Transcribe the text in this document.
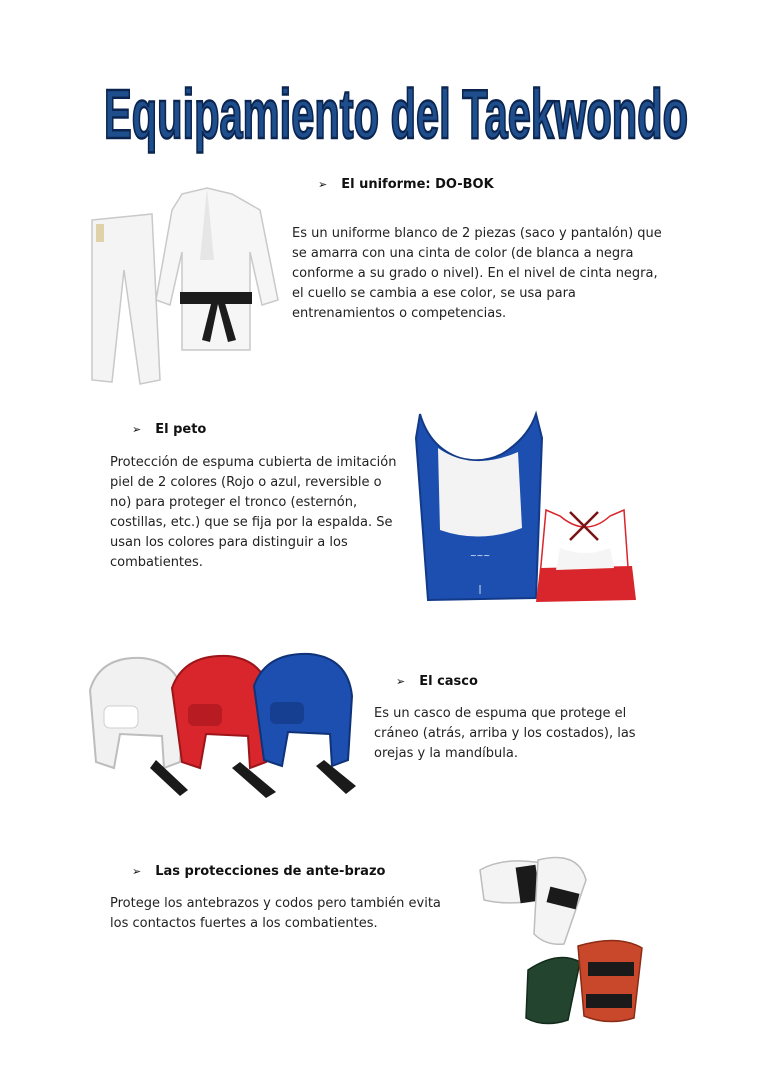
Equipamiento del Taekwondo
➢ El uniforme: DO-BOK

Es un uniforme blanco de 2 piezas (saco y pantalón) que se amarra con una cinta de color (de blanca a negra conforme a su grado o nivel). En el nivel de cinta negra, el cuello se cambia a ese color, se usa para entrenamientos o competencias.

➢ El peto

Protección de espuma cubierta de imitación piel de 2 colores (Rojo o azul, reversible o no) para proteger el tronco (esternón, costillas, etc.) que se fija por la espalda. Se usan los colores para distinguir a los combatientes.	~~~
|
➢ El casco

Es un casco de espuma que protege el cráneo (atrás, arriba y los costados), las orejas y la mandíbula.

➢ Las protecciones de ante-brazo

Protege los antebrazos y codos pero también evita los contactos fuertes a los combatientes.
